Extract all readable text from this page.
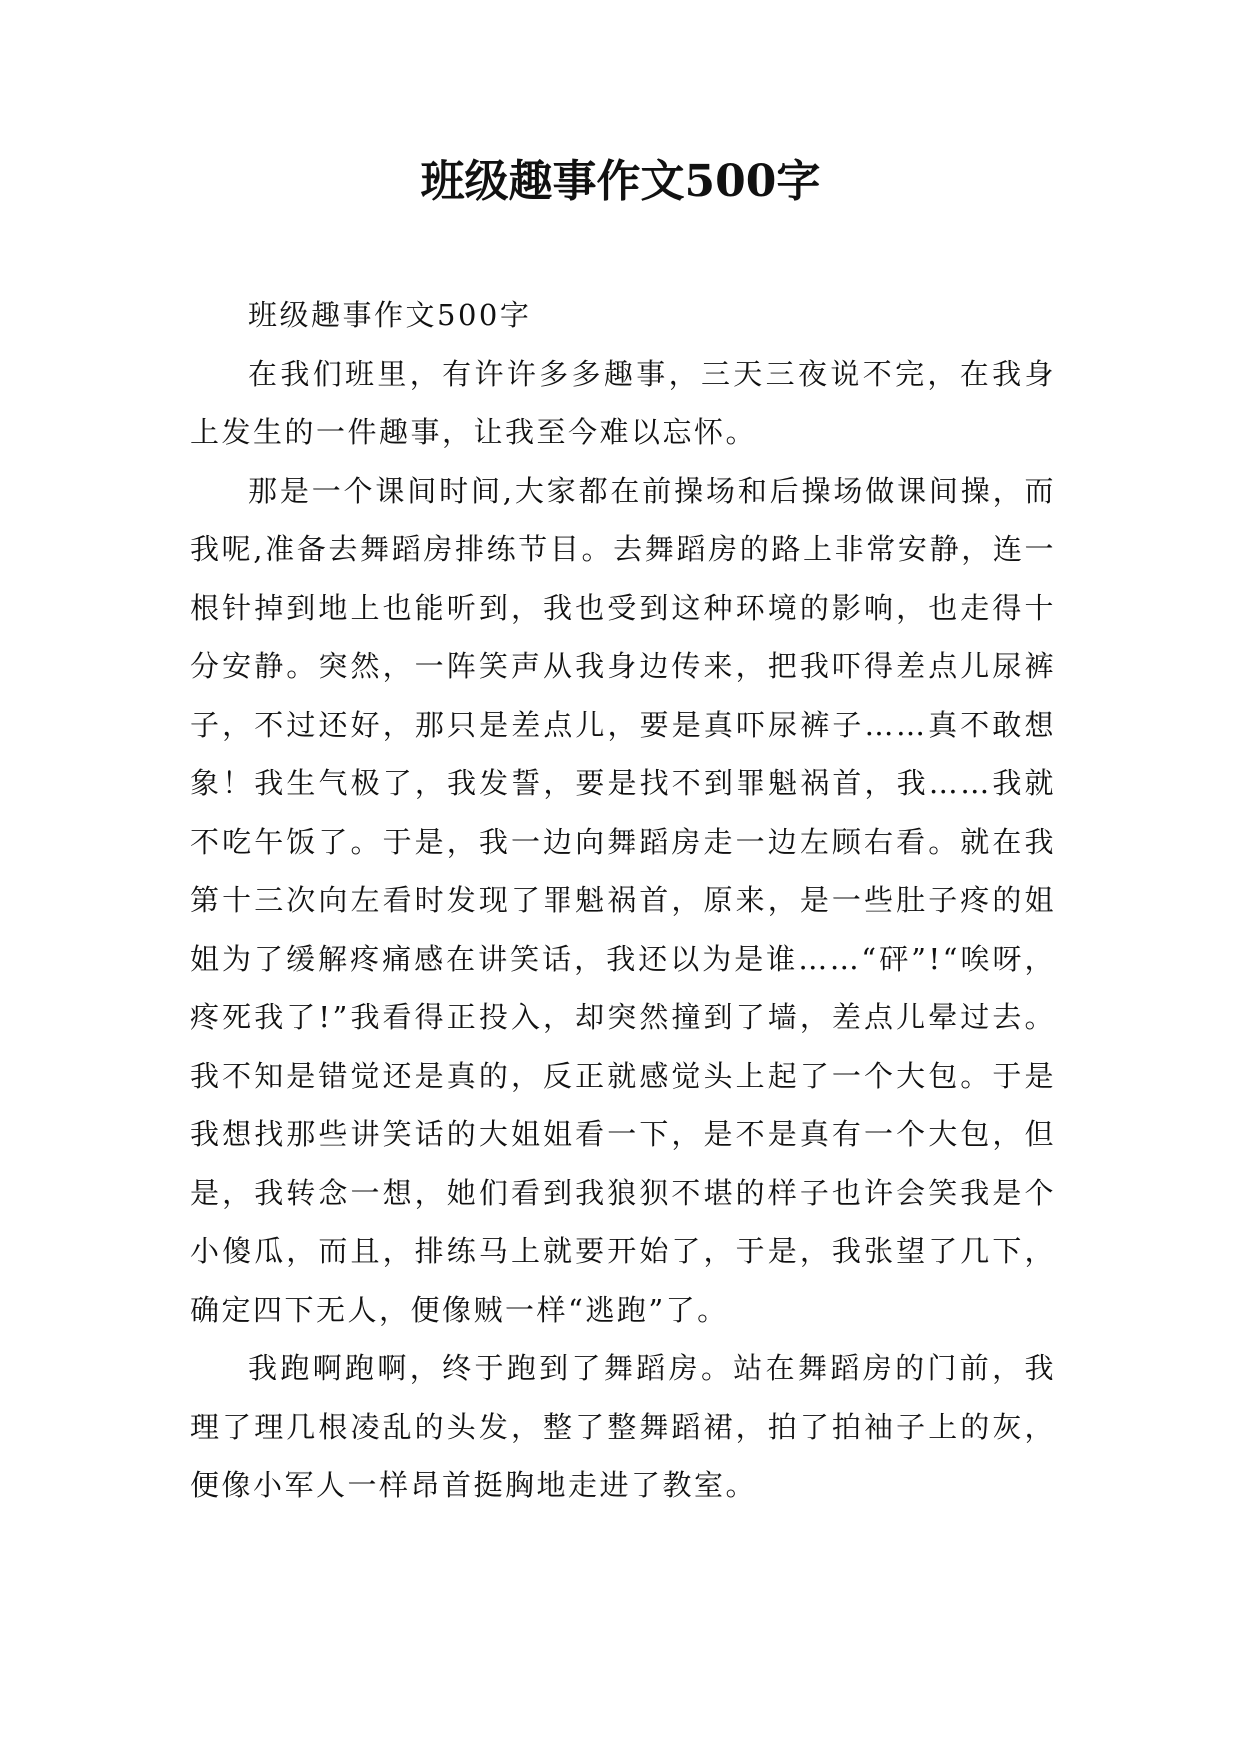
班级趣事作文500字

班级趣事作文500字

在我们班里，有许许多多趣事，三天三夜说不完，在我身上发生的一件趣事，让我至今难以忘怀。

那是一个课间时间,大家都在前操场和后操场做课间操，而我呢,准备去舞蹈房排练节目。去舞蹈房的路上非常安静，连一根针掉到地上也能听到，我也受到这种环境的影响，也走得十分安静。突然，一阵笑声从我身边传来，把我吓得差点儿尿裤子，不过还好，那只是差点儿，要是真吓尿裤子……真不敢想象！我生气极了，我发誓，要是找不到罪魁祸首，我……我就不吃午饭了。于是，我一边向舞蹈房走一边左顾右看。就在我第十三次向左看时发现了罪魁祸首，原来，是一些肚子疼的姐姐为了缓解疼痛感在讲笑话，我还以为是谁……“砰”!“唉呀，疼死我了!”我看得正投入，却突然撞到了墙，差点儿晕过去。我不知是错觉还是真的，反正就感觉头上起了一个大包。于是我想找那些讲笑话的大姐姐看一下，是不是真有一个大包，但是，我转念一想，她们看到我狼狈不堪的样子也许会笑我是个小傻瓜，而且，排练马上就要开始了，于是，我张望了几下，确定四下无人，便像贼一样“逃跑”了。

我跑啊跑啊，终于跑到了舞蹈房。站在舞蹈房的门前，我理了理几根凌乱的头发，整了整舞蹈裙，拍了拍袖子上的灰，便像小军人一样昂首挺胸地走进了教室。
